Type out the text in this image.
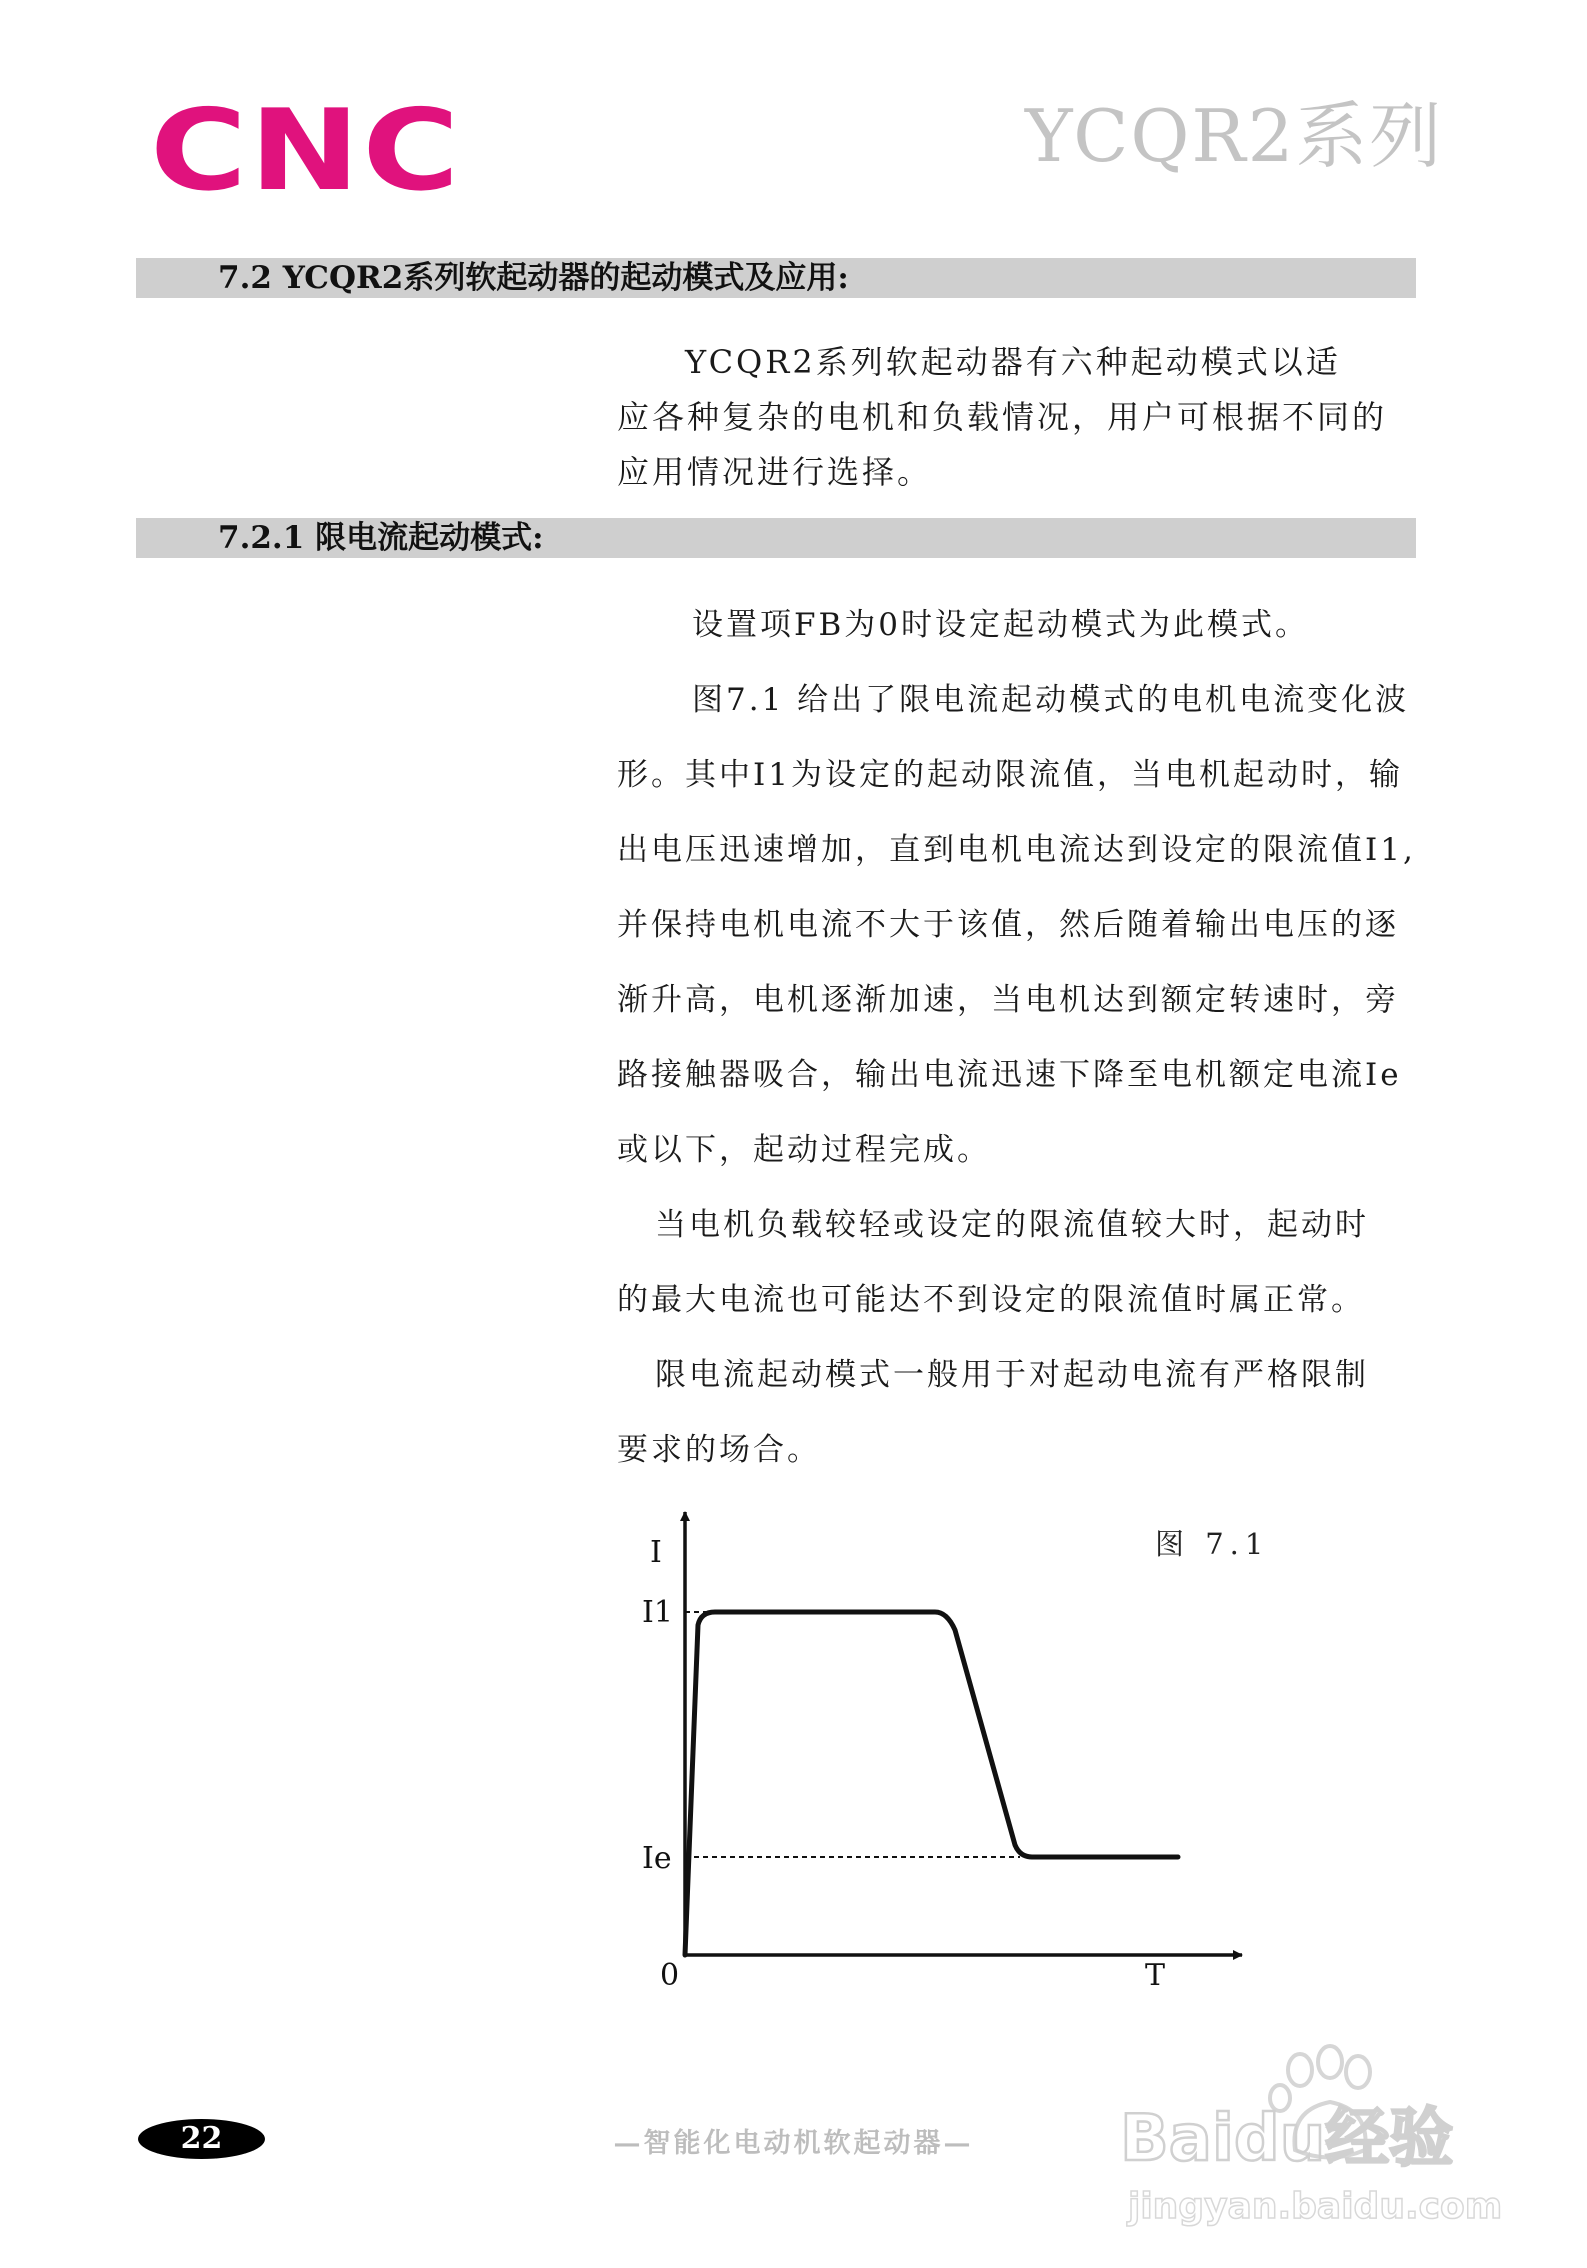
CNC	YCQR2系列
7.2 YCQR2系列软起动器的起动模式及应用:

YCQR2系列软起动器有六种起动模式以适

应各种复杂的电机和负载情况，用户可根据不同的

应用情况进行选择。

7.2.1 限电流起动模式:

设置项FB为0时设定起动模式为此模式。

图7.1 给出了限电流起动模式的电机电流变化波

形。其中I1为设定的起动限流值，当电机起动时，输

出电压迅速增加，直到电机电流达到设定的限流值I1,

并保持电机电流不大于该值，然后随着输出电压的逐

渐升高，电机逐渐加速，当电机达到额定转速时，旁

路接触器吸合，输出电流迅速下降至电机额定电流Ie

或以下，起动过程完成。

当电机负载较轻或设定的限流值较大时，起动时

的最大电流也可能达不到设定的限流值时属正常。

限电流起动模式一般用于对起动电流有严格限制

要求的场合。

图 7.1
I
I1
Ie
0	T
22	—智能化电动机软起动器—	Baidu经验
jingyan.baidu.com
